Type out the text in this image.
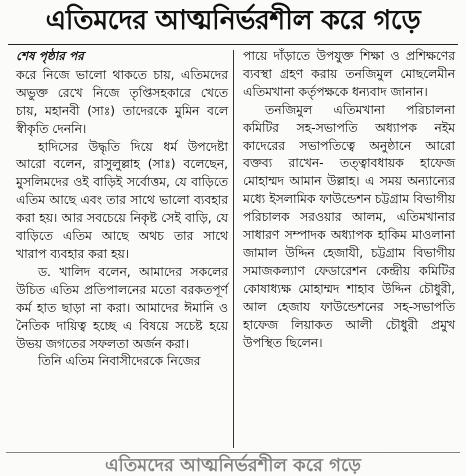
এতিমদের আত্মনির্ভরশীল করে গড়ে

শেষ পৃষ্ঠার পর

করে নিজে ভালো থাকতে চায়, এতিমদের অভুক্ত রেখে নিজে তৃপ্তিসহকারে খেতে চায়, মহানবী (সাঃ) তাদেরকে মুমিন বলে স্বীকৃতি দেননি।

হাদিসের উদ্ধৃতি দিয়ে ধর্ম উপদেষ্টা আরো বলেন, রাসুলুল্লাহ (সাঃ) বলেছেন, মুসলিমদের ওই বাড়িই সর্বোত্তম, যে বাড়িতে এতিম আছে এবং তার সাথে ভালো ব্যবহার করা হয়। আর সবচেয়ে নিকৃষ্ট সেই বাড়ি, যে বাড়িতে এতিম আছে অথচ তার সাথে খারাপ ব্যবহার করা হয়।

ড. খালিদ বলেন, আমাদের সকলের উচিত এতিম প্রতিপালনের মতো বরকতপূর্ণ কর্ম হাত ছাড়া না করা। আমাদের ঈমানি ও নৈতিক দায়িত্ব হচ্ছে এ বিষয়ে সচেষ্ট হয়ে উভয় জগতের সফলতা অর্জন করা।

তিনি এতিম নিবাসীদেরকে নিজের

পায়ে দাঁড়াতে উপযুক্ত শিক্ষা ও প্রশিক্ষণের ব্যবস্থা গ্রহণ করায় তনজিমুল মোছলেমীন এতিমখানা কর্তৃপক্ষকে ধন্যবাদ জানান।

তনজিমুল এতিমখানা পরিচালনা কমিটির সহ-সভাপতি অধ্যাপক নইম কাদেরের সভাপতিত্বে অনুষ্ঠানে আরো বক্তব্য রাখেন- তত্ত্বাবধায়ক হাফেজ মোহাম্মদ আমান উল্লাহ। এ সময় অন্যান্যের মধ্যে ইসলামিক ফাউন্ডেশন চট্টগ্রাম বিভাগীয় পরিচালক সরওয়ার আলম, এতিমখানার সাধারণ সম্পাদক অধ্যাপক হাকিম মাওলানা জামাল উদ্দিন হেজাযী, চট্টগ্রাম বিভাগীয় সমাজকল্যাণ ফেডারেশন কেন্দ্রীয় কমিটির কোষাধ্যক্ষ মোহাম্মদ শাহাব উদ্দিন চৌধুরী, আল হেজায ফাউন্ডেশনের সহ-সভাপতি হাফেজ লিয়াকত আলী চৌধুরী প্রমুখ উপস্থিত ছিলেন।

এতিমদের আত্মনির্ভরশীল করে গড়ে
